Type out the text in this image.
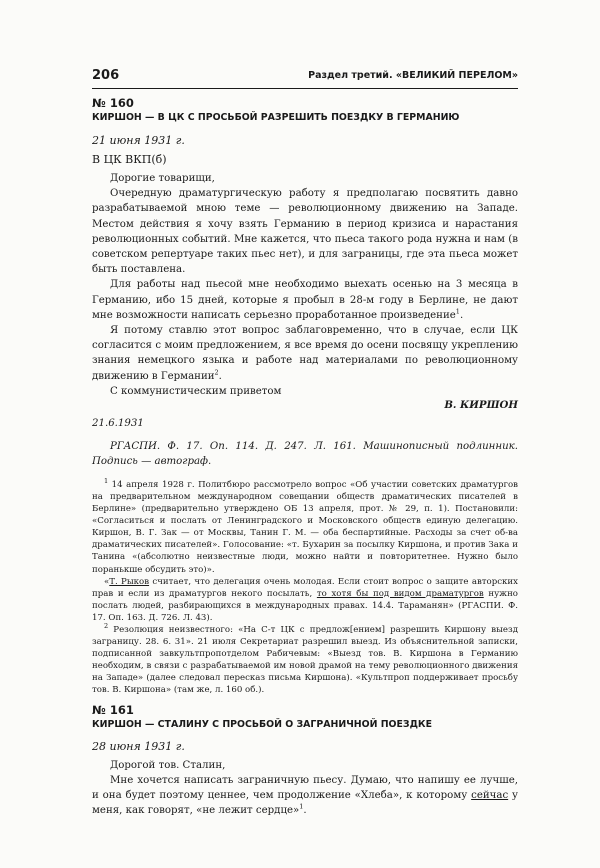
206	Раздел третий. «ВЕЛИКИЙ ПЕРЕЛОМ»
№ 160
КИРШОН — В ЦК С ПРОСЬБОЙ РАЗРЕШИТЬ ПОЕЗДКУ В ГЕРМАНИЮ
21 июня 1931 г.
В ЦК ВКП(б)

Дорогие товарищи,

Очередную драматургическую работу я предполагаю посвятить давно разрабатываемой мною теме — революционному движению на Западе. Местом действия я хочу взять Германию в период кризиса и нарастания революционных событий. Мне кажется, что пьеса такого рода нужна и нам (в советском репертуаре таких пьес нет), и для заграницы, где эта пьеса может быть поставлена.

Для работы над пьесой мне необходимо выехать осенью на 3 месяца в Германию, ибо 15 дней, которые я пробыл в 28-м году в Берлине, не дают мне возможности написать серьезно проработанное произведение$^1$.

Я потому ставлю этот вопрос заблаговременно, что в случае, если ЦК согласится с моим предложением, я все время до осени посвящу укреплению знания немецкого языка и работе над материалами по революционному движению в Германии$^2$.

С коммунистическим приветом

В. КИРШОН
21.6.1931
РГАСПИ. Ф. 17. Оп. 114. Д. 247. Л. 161. Машинописный подлинник. Подпись — автограф.

$^1$ 14 апреля 1928 г. Политбюро рассмотрело вопрос «Об участии советских драматургов на предварительном международном совещании обществ драматических писателей в Берлине» (предварительно утверждено ОБ 13 апреля, прот. № 29, п. 1). Постановили: «Согласиться и послать от Ленинградского и Московского обществ единую делегацию. Киршон, В. Г. Зак — от Москвы, Танин Г. М. — оба беспартийные. Расходы за счет об-ва драматических писателей». Голосование: «т. Бухарин за посылку Киршона, и против Зака и Танина «(абсолютно неизвестные люди, можно найти и повторитетнее. Нужно было поранькше обсудить это)».

«Т. Рыков считает, что делегация очень молодая. Если стоит вопрос о защите авторских прав и если из драматургов некого посылать, то хотя бы под видом драматургов нужно послать людей, разбирающихся в международных правах. 14.4. Тараманян» (РГАСПИ. Ф. 17. Оп. 163. Д. 726. Л. 43).

$^2$ Резолюция неизвестного: «На С-т ЦК с предлож[ением] разрешить Киршону выезд заграницу. 28. 6. 31». 21 июля Секретариат разрешил выезд. Из объяснительной записки, подписанной завкультпропотделом Рабичевым: «Выезд тов. В. Киршона в Германию необходим, в связи с разрабатываемой им новой драмой на тему революционного движения на Западе» (далее следовал пересказ письма Киршона). «Культпроп поддерживает просьбу тов. В. Киршона» (там же, л. 160 об.).

№ 161
КИРШОН — СТАЛИНУ С ПРОСЬБОЙ О ЗАГРАНИЧНОЙ ПОЕЗДКЕ
28 июня 1931 г.

Дорогой тов. Сталин,

Мне хочется написать заграничную пьесу. Думаю, что напишу ее лучше, и она будет поэтому ценнее, чем продолжение «Хлеба», к которому сейчас у меня, как говорят, «не лежит сердце»$^1$.
